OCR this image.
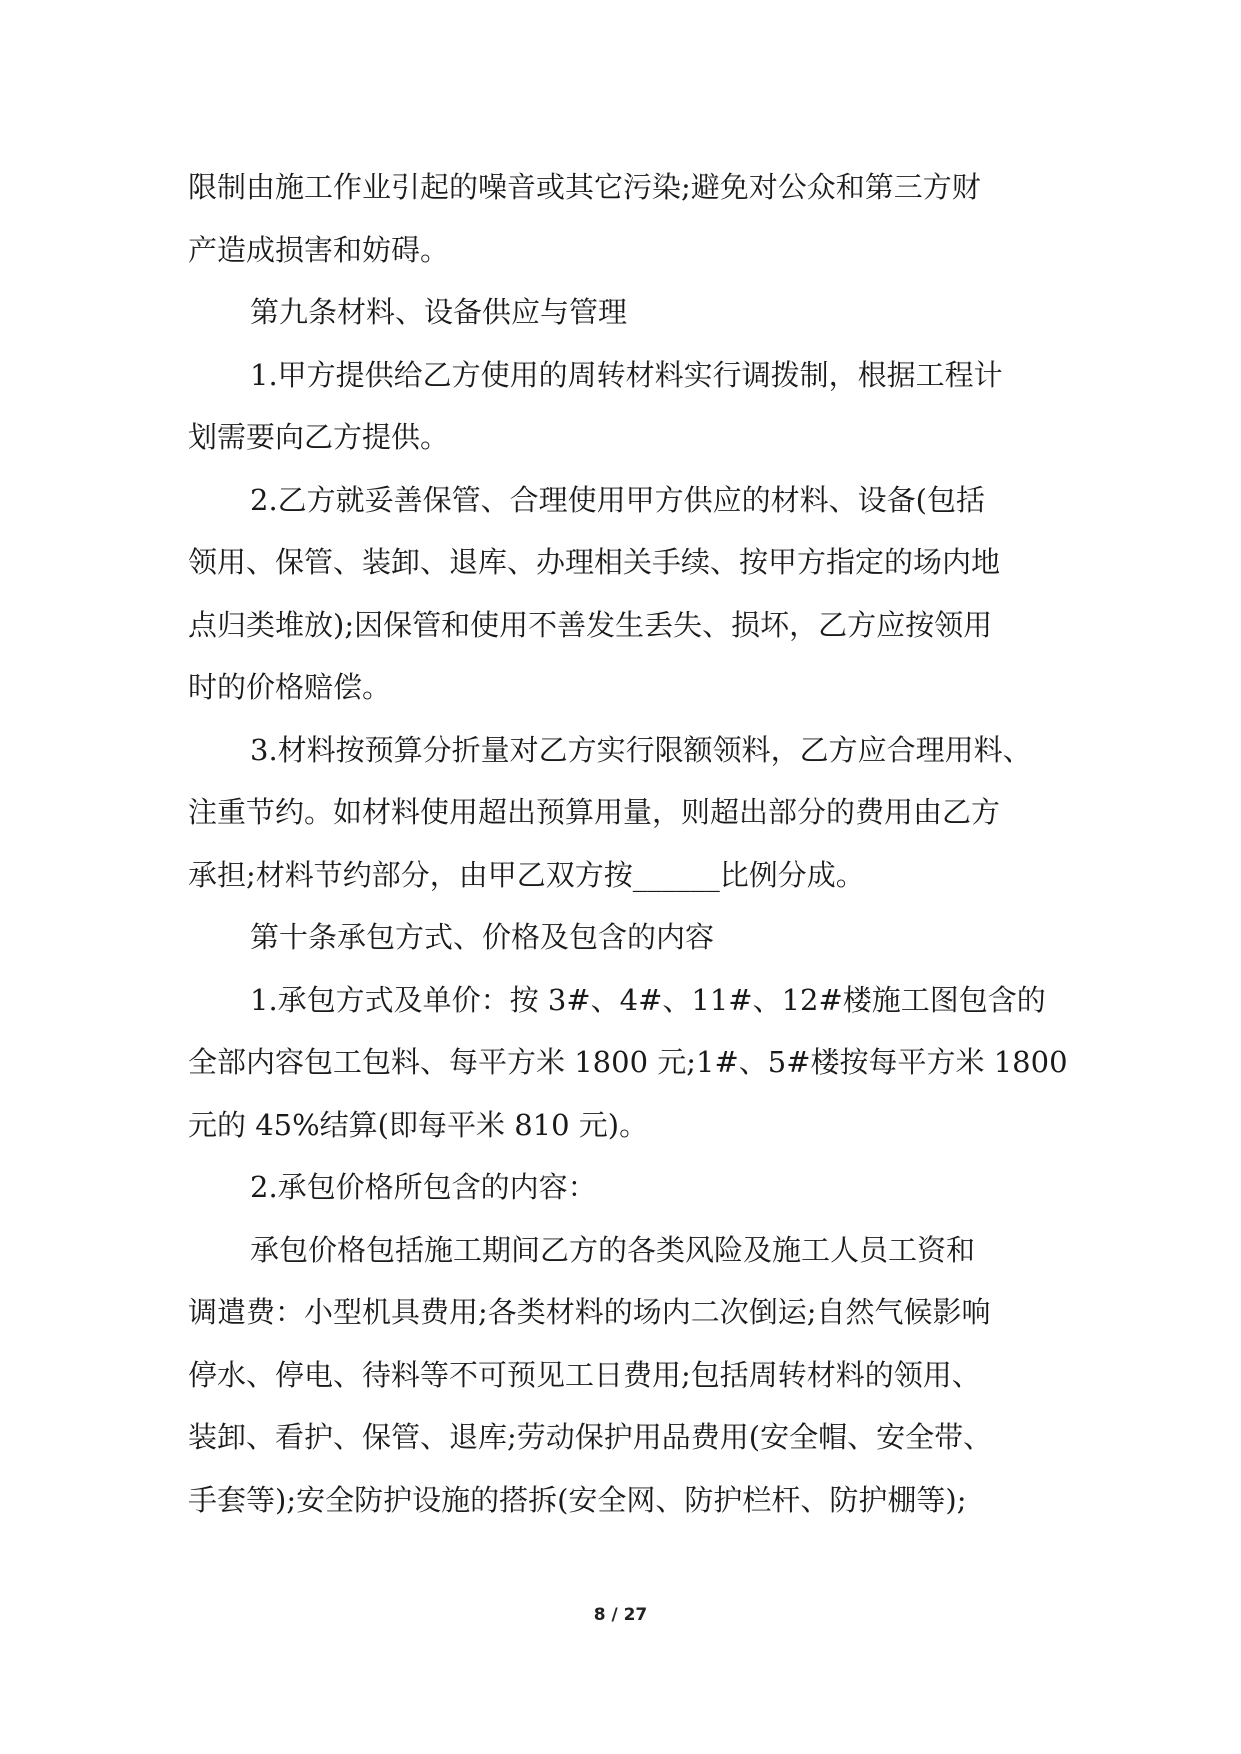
限制由施工作业引起的噪音或其它污染;避免对公众和第三方财
产造成损害和妨碍。
第九条材料、设备供应与管理
1.甲方提供给乙方使用的周转材料实行调拨制，根据工程计
划需要向乙方提供。
2.乙方就妥善保管、合理使用甲方供应的材料、设备(包括
领用、保管、装卸、退库、办理相关手续、按甲方指定的场内地
点归类堆放);因保管和使用不善发生丢失、损坏，乙方应按领用
时的价格赔偿。
3.材料按预算分折量对乙方实行限额领料，乙方应合理用料、
注重节约。如材料使用超出预算用量，则超出部分的费用由乙方
承担;材料节约部分，由甲乙双方按______比例分成。
第十条承包方式、价格及包含的内容
1.承包方式及单价：按 3#、4#、11#、12#楼施工图包含的
全部内容包工包料、每平方米 1800 元;1#、5#楼按每平方米 1800
元的 45%结算(即每平米 810 元)。
2.承包价格所包含的内容：
承包价格包括施工期间乙方的各类风险及施工人员工资和
调遣费：小型机具费用;各类材料的场内二次倒运;自然气候影响
停水、停电、待料等不可预见工日费用;包括周转材料的领用、
装卸、看护、保管、退库;劳动保护用品费用(安全帽、安全带、
手套等);安全防护设施的搭拆(安全网、防护栏杆、防护棚等);
8 / 27
